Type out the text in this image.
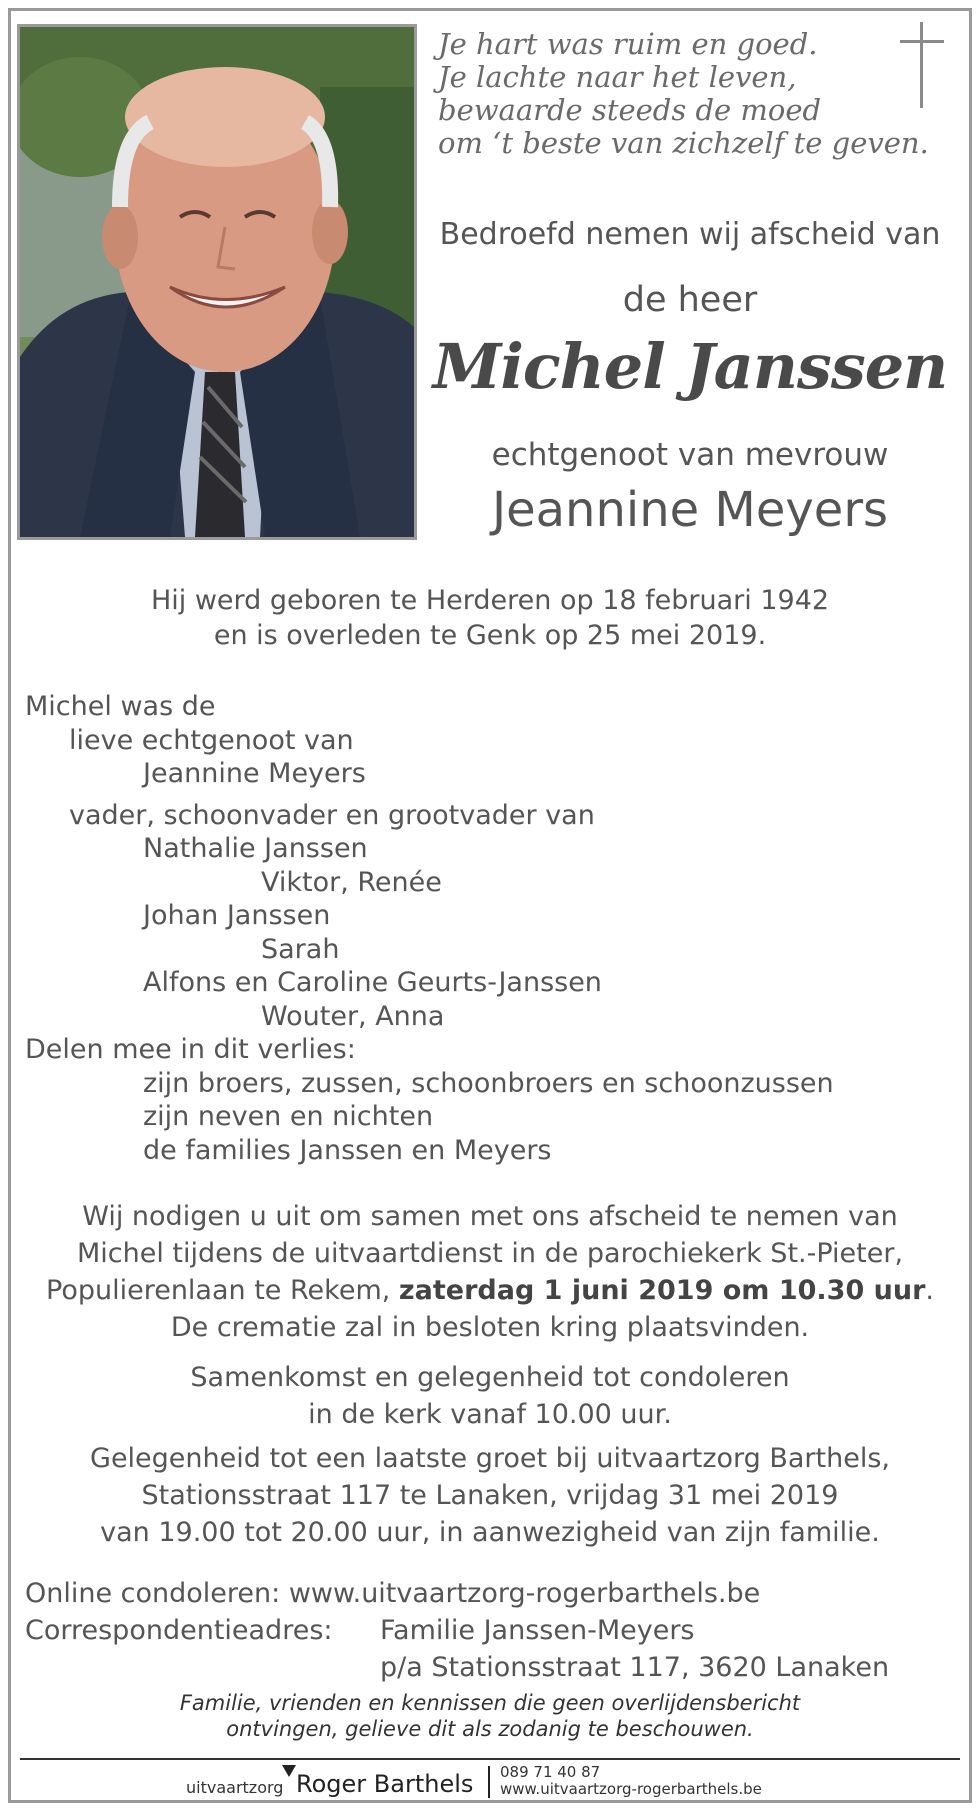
Je hart was ruim en goed.
Je lachte naar het leven,
bewaarde steeds de moed
om ‘t beste van zichzelf te geven.
Bedroefd nemen wij afscheid van
de heer
Michel Janssen
echtgenoot van mevrouw
Jeannine Meyers
Hij werd geboren te Herderen op 18 februari 1942
en is overleden te Genk op 25 mei 2019.
Michel was de
lieve echtgenoot van
Jeannine Meyers
vader, schoonvader en grootvader van
Nathalie Janssen
Viktor, Renée
Johan Janssen
Sarah
Alfons en Caroline Geurts-Janssen
Wouter, Anna
Delen mee in dit verlies:
zijn broers, zussen, schoonbroers en schoonzussen
zijn neven en nichten
de families Janssen en Meyers
Wij nodigen u uit om samen met ons afscheid te nemen van
Michel tijdens de uitvaartdienst in de parochiekerk St.-Pieter,
Populierenlaan te Rekem, zaterdag 1 juni 2019 om 10.30 uur.
De crematie zal in besloten kring plaatsvinden.
Samenkomst en gelegenheid tot condoleren
in de kerk vanaf 10.00 uur.
Gelegenheid tot een laatste groet bij uitvaartzorg Barthels,
Stationsstraat 117 te Lanaken, vrijdag 31 mei 2019
van 19.00 tot 20.00 uur, in aanwezigheid van zijn familie.
Online condoleren: www.uitvaartzorg-rogerbarthels.be
Correspondentieadres: Familie Janssen-Meyers
p/a Stationsstraat 117, 3620 Lanaken
Familie, vrienden en kennissen die geen overlijdensbericht
ontvingen, gelieve dit als zodanig te beschouwen.
uitvaartzorg Roger Barthels 089 71 40 87
www.uitvaartzorg-rogerbarthels.be
